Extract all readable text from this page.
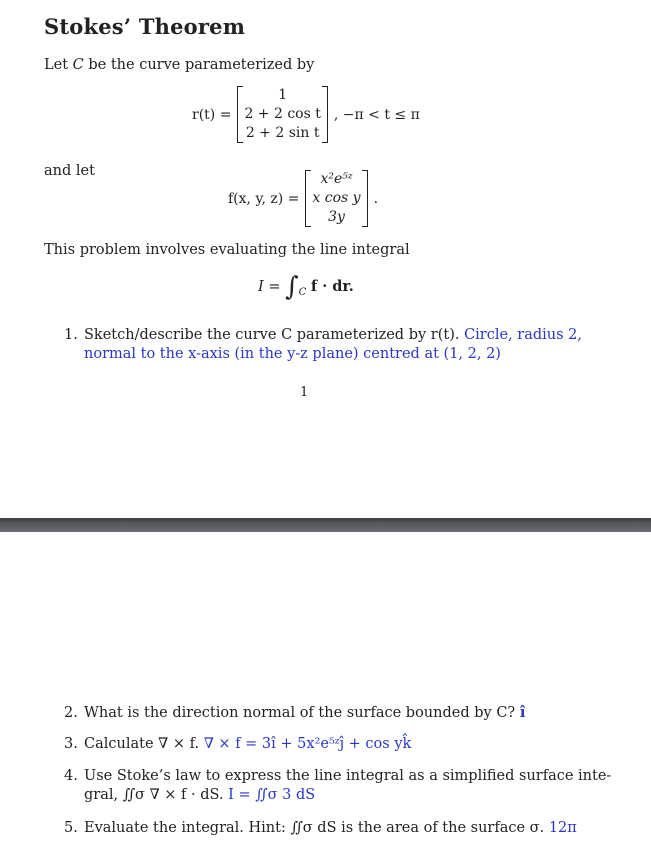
Stokes’ Theorem

Let C be the curve parameterized by

r(t) =
1
2 + 2 cos t
2 + 2 sin t
, −π < t ≤ π

and let

f(x, y, z) =
x²e⁵ᶻ
x cos y
3y
.

This problem involves evaluating the line integral

$I = \int_C$ f · dr.
1. Sketch/describe the curve C parameterized by r(t). Circle, radius 2,
normal to the x-axis (in the y-z plane) centred at (1, 2, 2)
1
2. What is the direction normal of the surface bounded by C? î
3. Calculate ∇ × f. ∇ × f = 3î + 5x²e⁵ᶻĵ + cos yk̂
4. Use Stoke’s law to express the line integral as a simplified surface inte-
gral, ∬σ ∇ × f · dS. I = ∬σ 3 dS
5. Evaluate the integral. Hint: ∬σ dS is the area of the surface σ. 12π
